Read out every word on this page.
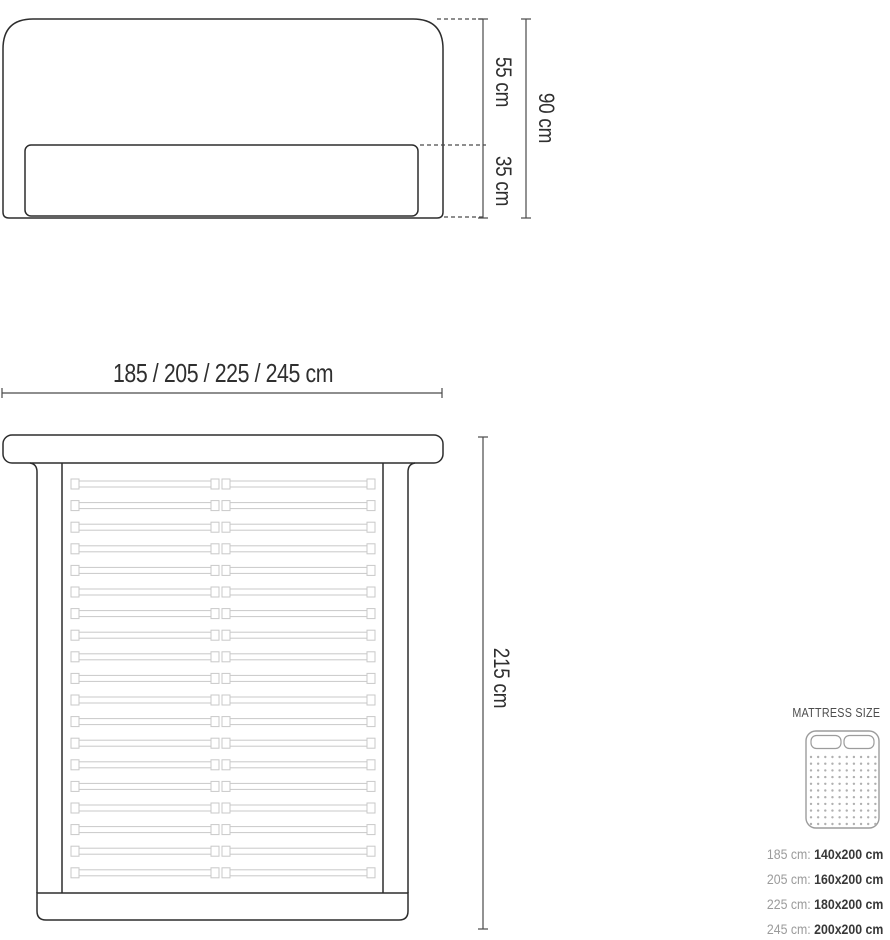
55 cm
35 cm
90 cm
185 / 205 / 225 / 245 cm
215 cm
MATTRESS SIZE
185 cm: 140x200 cm
205 cm: 160x200 cm
225 cm: 180x200 cm
245 cm: 200x200 cm
